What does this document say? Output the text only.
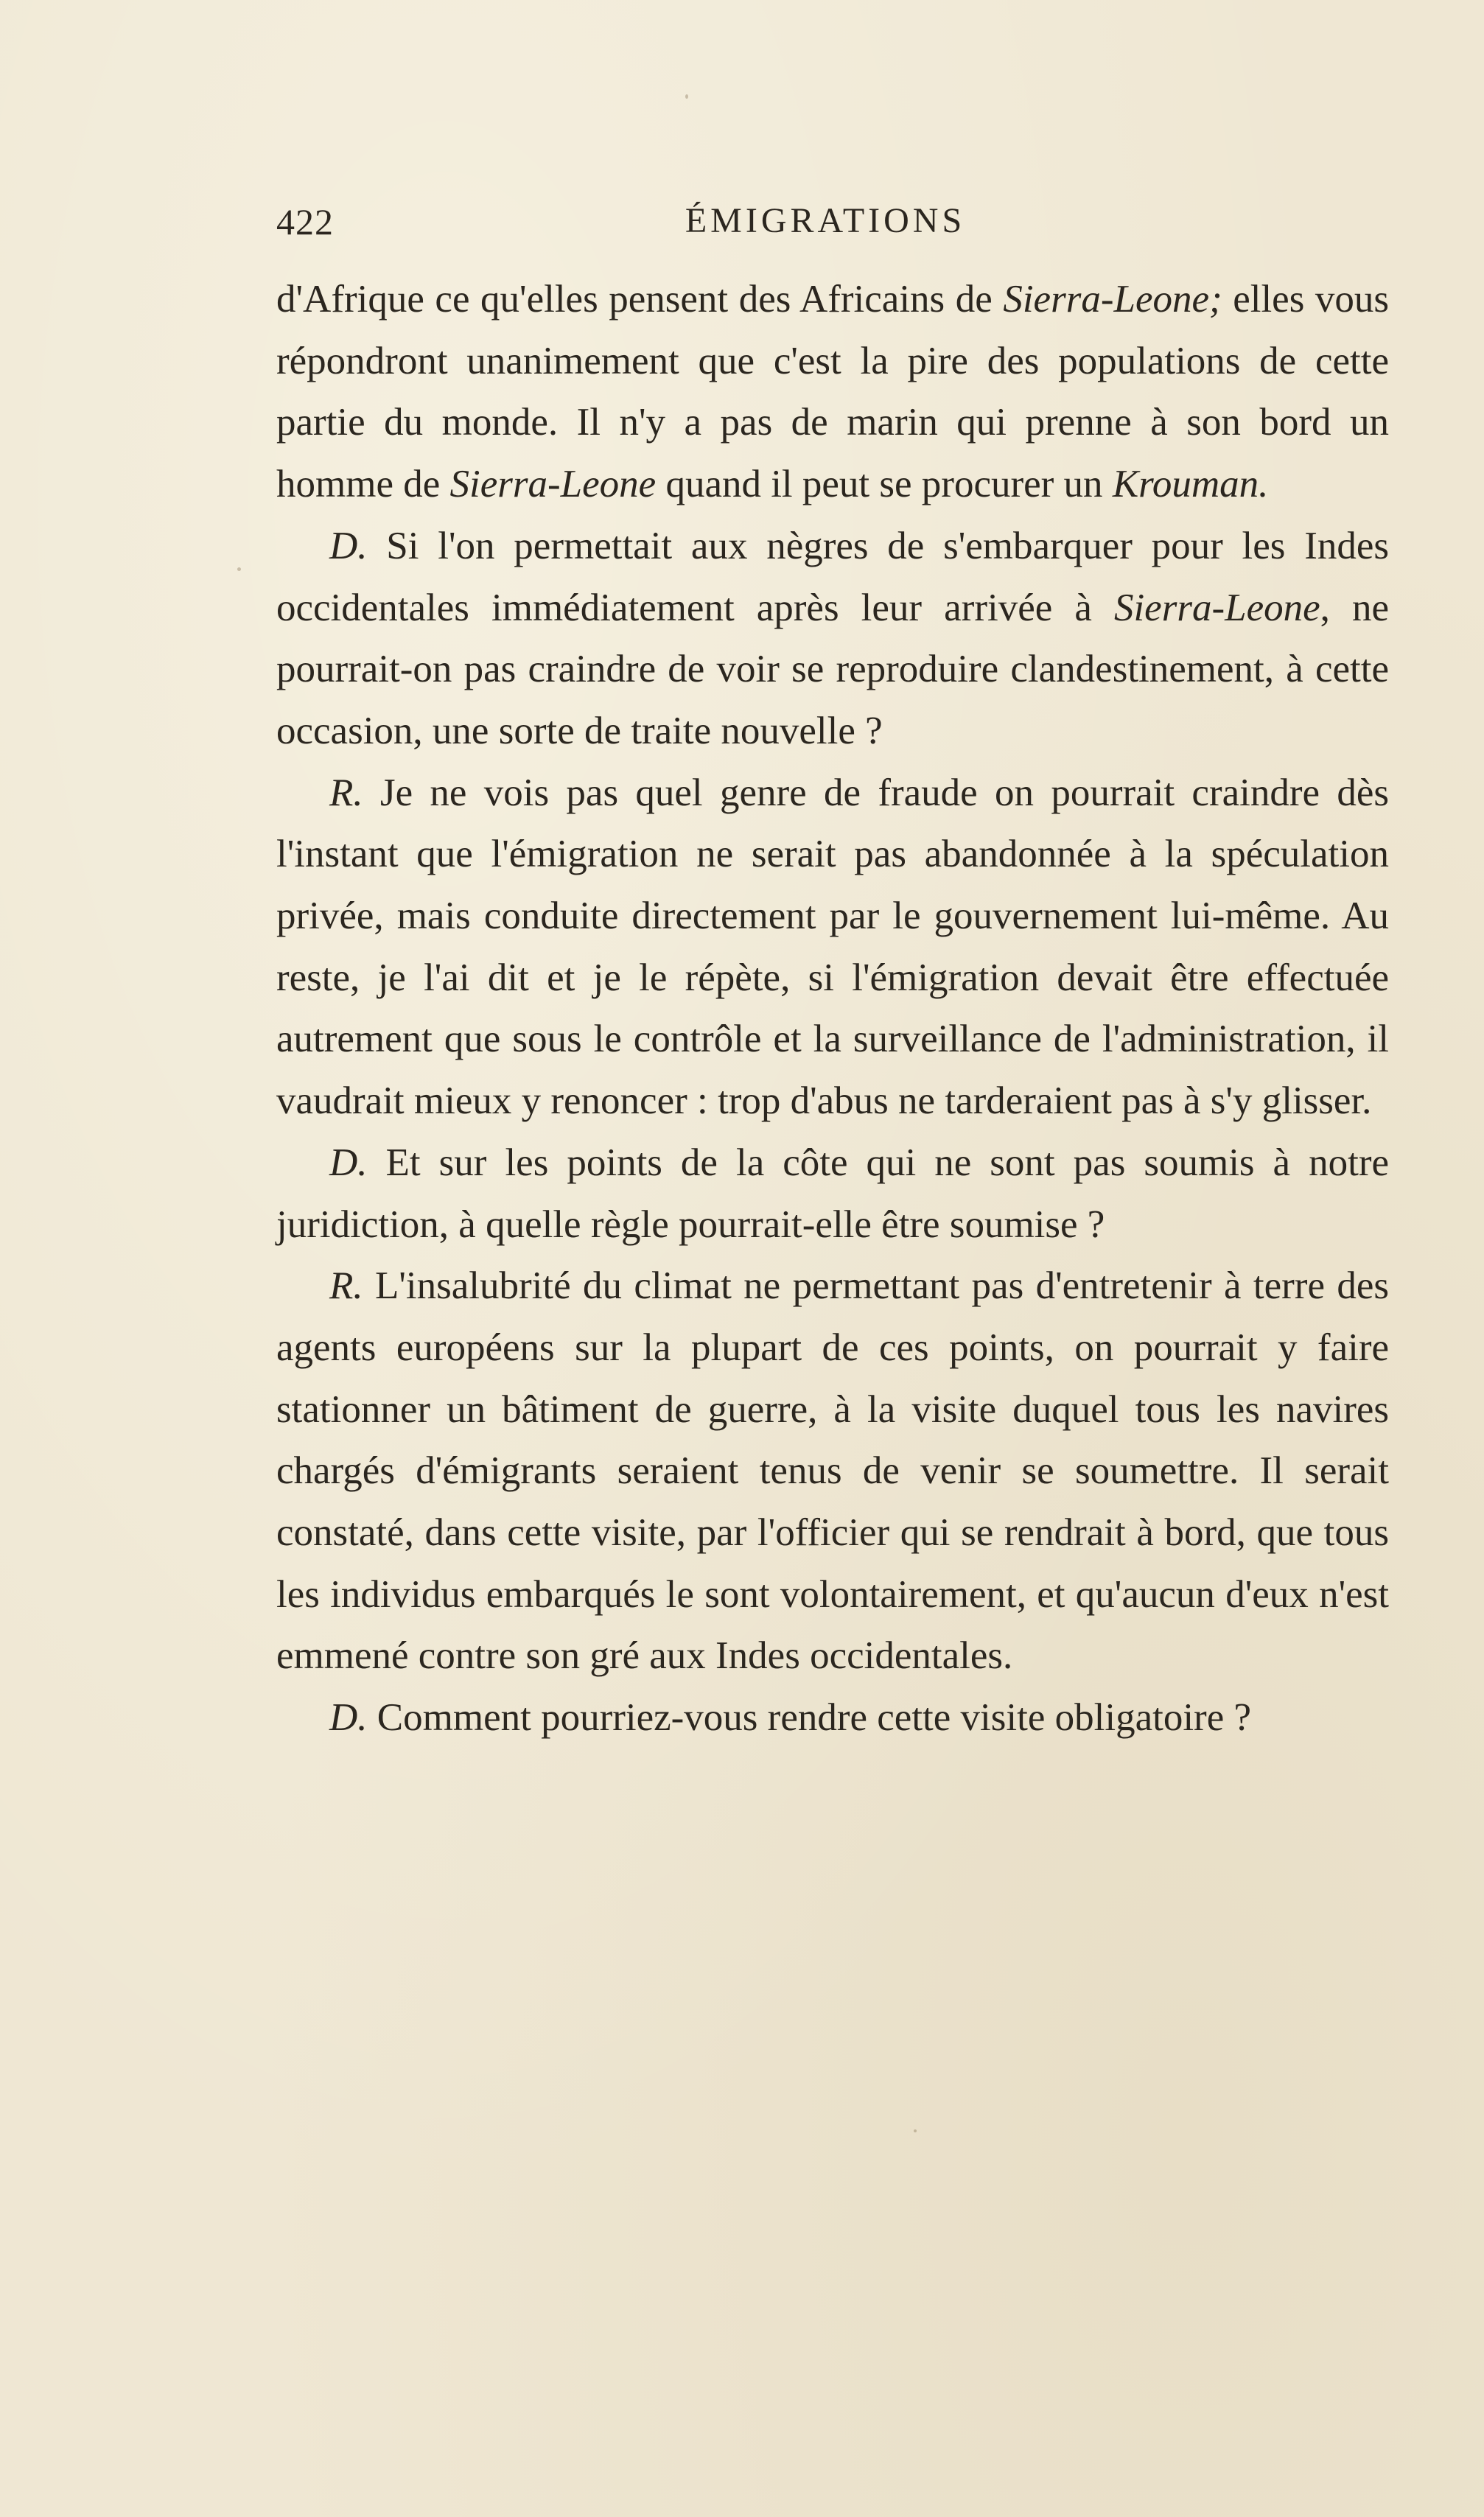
422	ÉMIGRATIONS

d'Afrique ce qu'elles pensent des Africains de Sierra-Leone; elles vous répondront unanimement que c'est la pire des populations de cette partie du monde. Il n'y a pas de marin qui prenne à son bord un homme de Sierra-Leone quand il peut se procurer un Krouman.

D. Si l'on permettait aux nègres de s'embarquer pour les Indes occidentales immédiatement après leur arrivée à Sierra-Leone, ne pourrait-on pas craindre de voir se reproduire clandestinement, à cette occasion, une sorte de traite nouvelle ?

R. Je ne vois pas quel genre de fraude on pourrait craindre dès l'instant que l'émigration ne serait pas abandonnée à la spéculation privée, mais conduite directement par le gouvernement lui-même. Au reste, je l'ai dit et je le répète, si l'émigration devait être effectuée autrement que sous le contrôle et la surveillance de l'administration, il vaudrait mieux y renoncer : trop d'abus ne tarderaient pas à s'y glisser.

D. Et sur les points de la côte qui ne sont pas soumis à notre juridiction, à quelle règle pourrait-elle être soumise ?

R. L'insalubrité du climat ne permettant pas d'entretenir à terre des agents européens sur la plupart de ces points, on pourrait y faire stationner un bâtiment de guerre, à la visite duquel tous les navires chargés d'émigrants seraient tenus de venir se soumettre. Il serait constaté, dans cette visite, par l'officier qui se rendrait à bord, que tous les individus embarqués le sont volontairement, et qu'aucun d'eux n'est emmené contre son gré aux Indes occidentales.

D. Comment pourriez-vous rendre cette visite obligatoire ?
